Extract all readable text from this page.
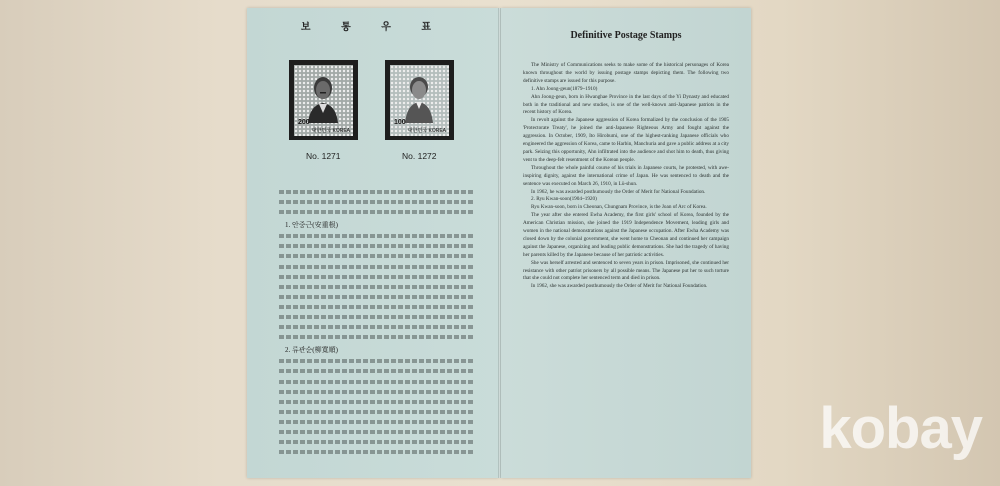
보 통 우 표
200
대한민국 KOREA
100
대한민국 KOREA
No. 1271	No. 1272
1. 안중근(安重根)
2. 류관순(柳寬順)
Definitive Postage Stamps

The Ministry of Communications seeks to make some of the historical personages of Korea known throughout the world by issuing postage stamps depicting them. The following two definitive stamps are issued for this purpose.

1. Ahn Joong-geun(1879~1910)

Ahn Joong-geun, born in Hwanghae Province in the last days of the Yi Dynasty and educated both in the traditional and new studies, is one of the well-known anti-Japanese patriots in the recent history of Korea.

In revolt against the Japanese aggression of Korea formalized by the conclusion of the 1905 'Protectorate Treaty', he joined the anti-Japanese Righteous Army and fought against the aggression. In October, 1909, Ito Hirobumi, one of the highest-ranking Japanese officials who engineered the aggression of Korea, came to Harbin, Manchuria and gave a public address at a city park. Seizing this opportunity, Ahn infiltrated into the audience and shot him to death, thus giving vent to the deep-felt resentment of the Korean people.

Throughout the whole painful course of his trials in Japanese courts, he protested, with awe-inspiring dignity, against the international crime of Japan. He was sentenced to death and the sentence was executed on March 26, 1910, in Lü-shun.

In 1962, he was awarded posthumously the Order of Merit for National Foundation.

2. Ryu Kwan-soon(1904~1920)

Ryu Kwan-soon, born in Cheonan, Chungnam Province, is the Joan of Arc of Korea.

The year after she entered Ewha Academy, the first girls' school of Korea, founded by the American Christian mission, she joined the 1919 Independence Movement, leading girls and women in the national demonstrations against the Japanese occupation. After Ewha Academy was closed down by the colonial government, she went home to Cheonan and continued her campaign against the Japanese, organizing and leading public demonstrations. She had the tragedy of having her parents killed by the Japanese because of her patriotic activities.

She was herself arrested and sentenced to seven years in prison. Imprisoned, she continued her resistance with other patriot prisoners by all possible means. The Japanese put her to such torture that she could not complete her sentenced term and died in prison.

In 1962, she was awarded posthumously the Order of Merit for National Foundation.

kobay
